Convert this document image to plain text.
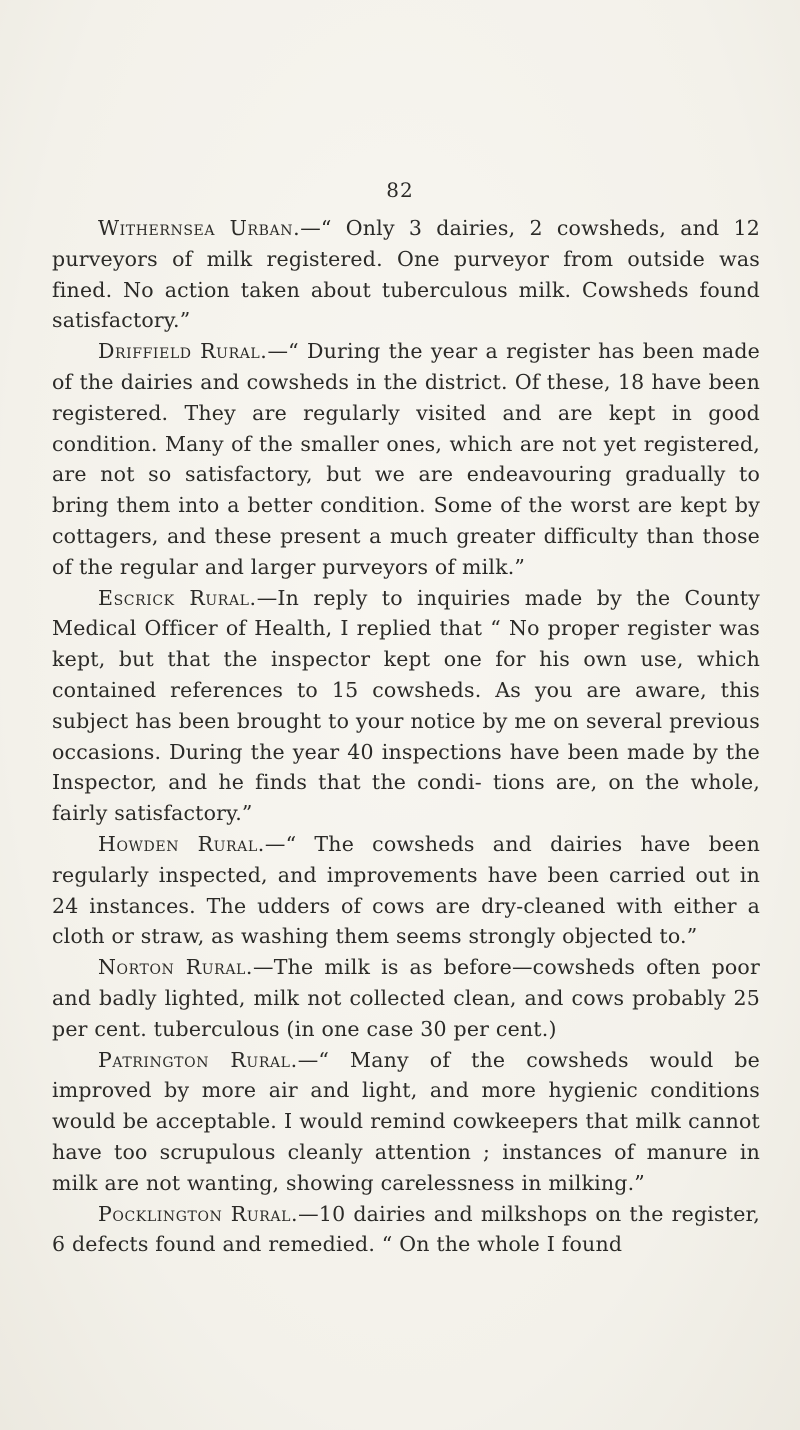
82

Withernsea Urban.—“ Only 3 dairies, 2 cowsheds, and 12 purveyors of milk registered. One purveyor from outside was fined. No action taken about tuberculous milk. Cowsheds found satisfactory.”

Driffield Rural.—“ During the year a register has been made of the dairies and cowsheds in the district. Of these, 18 have been registered. They are regularly visited and are kept in good condition. Many of the smaller ones, which are not yet registered, are not so satisfactory, but we are endeavouring gradually to bring them into a better condition. Some of the worst are kept by cottagers, and these present a much greater difficulty than those of the regular and larger purveyors of milk.”

Escrick Rural.—In reply to inquiries made by the County Medical Officer of Health, I replied that “ No proper register was kept, but that the inspector kept one for his own use, which contained references to 15 cowsheds. As you are aware, this subject has been brought to your notice by me on several previous occasions. During the year 40 inspections have been made by the Inspector, and he finds that the condi- tions are, on the whole, fairly satisfactory.”

Howden Rural.—“ The cowsheds and dairies have been regularly inspected, and improvements have been carried out in 24 instances. The udders of cows are dry-cleaned with either a cloth or straw, as washing them seems strongly objected to.”

Norton Rural.—The milk is as before—cowsheds often poor and badly lighted, milk not collected clean, and cows probably 25 per cent. tuberculous (in one case 30 per cent.)

Patrington Rural.—“ Many of the cowsheds would be improved by more air and light, and more hygienic conditions would be acceptable. I would remind cowkeepers that milk cannot have too scrupulous cleanly attention ; instances of manure in milk are not wanting, showing carelessness in milking.”

Pocklington Rural.—10 dairies and milkshops on the register, 6 defects found and remedied. “ On the whole I found
